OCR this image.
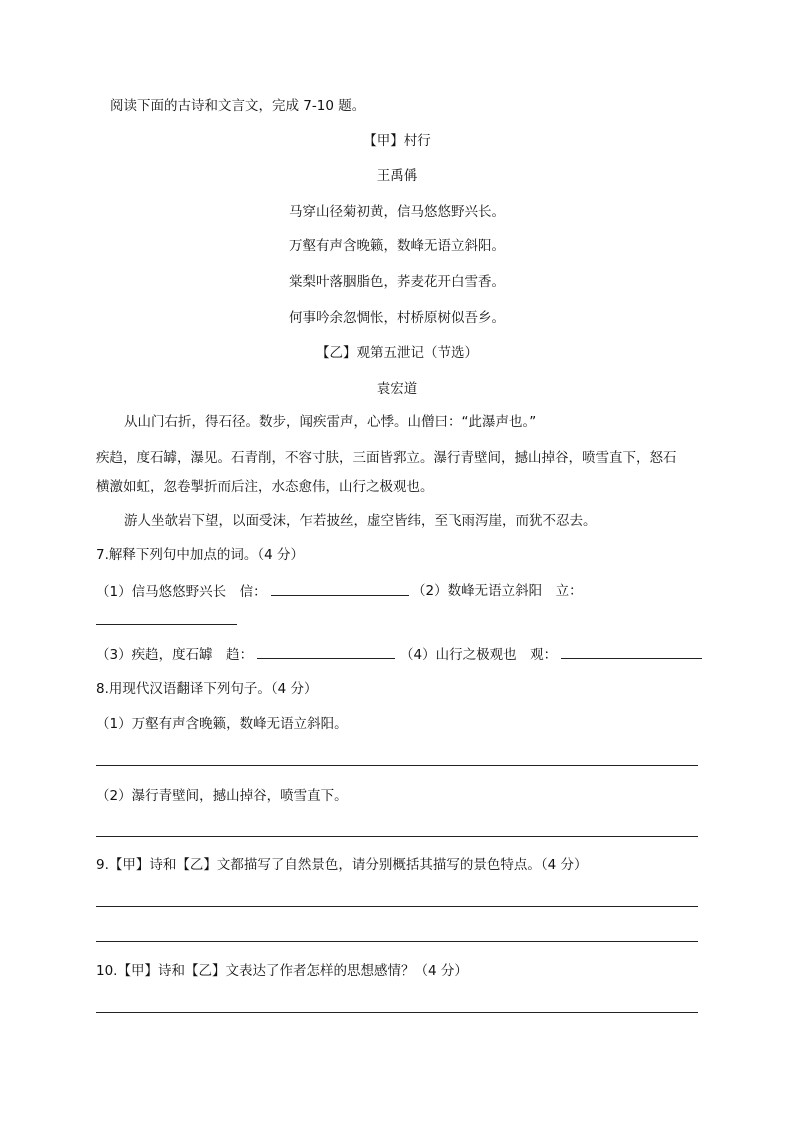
阅读下面的古诗和文言文，完成 7-10 题。
【甲】村行
王禹偁
马穿山径菊初黄，信马悠悠野兴长。
万壑有声含晚籁，数峰无语立斜阳。
棠梨叶落胭脂色，荞麦花开白雪香。
何事吟余忽惆怅，村桥原树似吾乡。
【乙】观第五泄记（节选）
袁宏道
从山门右折，得石径。数步，闻疾雷声，心悸。山僧曰：“此瀑声也。”
疾趋，度石罅，瀑见。石青削，不容寸肤，三面皆郛立。瀑行青壁间，撼山掉谷，喷雪直下，怒石
横激如虹，忽卷掣折而后注，水态愈伟，山行之极观也。
游人坐欹岩下望，以面受沫，乍若披丝，虚空皆纬，至飞雨泻崖，而犹不忍去。
7.解释下列句中加点的词。（4 分）
（1）信马悠悠野兴长　信：	（2）数峰无语立斜阳　立：
（3）疾趋，度石罅　趋：	（4）山行之极观也　观：
8.用现代汉语翻译下列句子。（4 分）
（1）万壑有声含晚籁，数峰无语立斜阳。
（2）瀑行青壁间，撼山掉谷，喷雪直下。
9.【甲】诗和【乙】文都描写了自然景色，请分别概括其描写的景色特点。（4 分）
10.【甲】诗和【乙】文表达了作者怎样的思想感情？（4 分）
